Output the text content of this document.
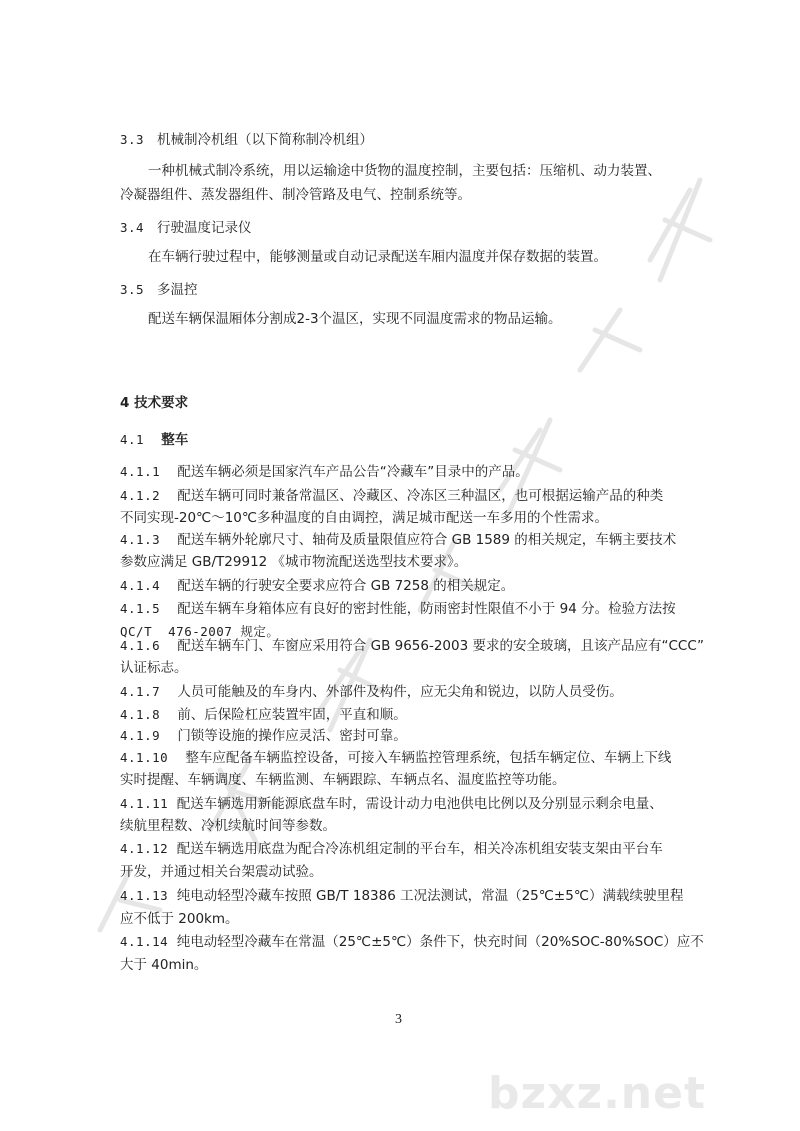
3.3 机械制冷机组（以下简称制冷机组）
一种机械式制冷系统，用以运输途中货物的温度控制，主要包括：压缩机、动力装置、
冷凝器组件、蒸发器组件、制冷管路及电气、控制系统等。
3.4 行驶温度记录仪
在车辆行驶过程中，能够测量或自动记录配送车厢内温度并保存数据的装置。
3.5 多温控
配送车辆保温厢体分割成2-3个温区，实现不同温度需求的物品运输。
4 技术要求
4.1 整车
4.1.1 配送车辆必须是国家汽车产品公告“冷藏车”目录中的产品。
4.1.2 配送车辆可同时兼备常温区、冷藏区、冷冻区三种温区，也可根据运输产品的种类
不同实现-20℃～10℃多种温度的自由调控，满足城市配送一车多用的个性需求。
4.1.3 配送车辆外轮廓尺寸、轴荷及质量限值应符合 GB 1589 的相关规定，车辆主要技术
参数应满足 GB/T29912 《城市物流配送选型技术要求》。
4.1.4 配送车辆的行驶安全要求应符合 GB 7258 的相关规定。
4.1.5 配送车辆车身箱体应有良好的密封性能，防雨密封性限值不小于 94 分。检验方法按
QC/T  476-2007 规定。
4.1.6 配送车辆车门、车窗应采用符合 GB 9656-2003 要求的安全玻璃，且该产品应有“CCC”
认证标志。
4.1.7 人员可能触及的车身内、外部件及构件，应无尖角和锐边，以防人员受伤。
4.1.8 前、后保险杠应装置牢固，平直和顺。
4.1.9 门锁等设施的操作应灵活、密封可靠。
4.1.10 整车应配备车辆监控设备，可接入车辆监控管理系统，包括车辆定位、车辆上下线
实时提醒、车辆调度、车辆监测、车辆跟踪、车辆点名、温度监控等功能。
4.1.11 配送车辆选用新能源底盘车时，需设计动力电池供电比例以及分别显示剩余电量、
续航里程数、冷机续航时间等参数。
4.1.12 配送车辆选用底盘为配合冷冻机组定制的平台车，相关冷冻机组安装支架由平台车
开发，并通过相关台架震动试验。
4.1.13 纯电动轻型冷藏车按照 GB/T 18386 工况法测试，常温（25℃±5℃）满载续驶里程
应不低于 200km。
4.1.14 纯电动轻型冷藏车在常温（25℃±5℃）条件下，快充时间（20%SOC-80%SOC）应不
大于 40min。
3
bzxz.net
